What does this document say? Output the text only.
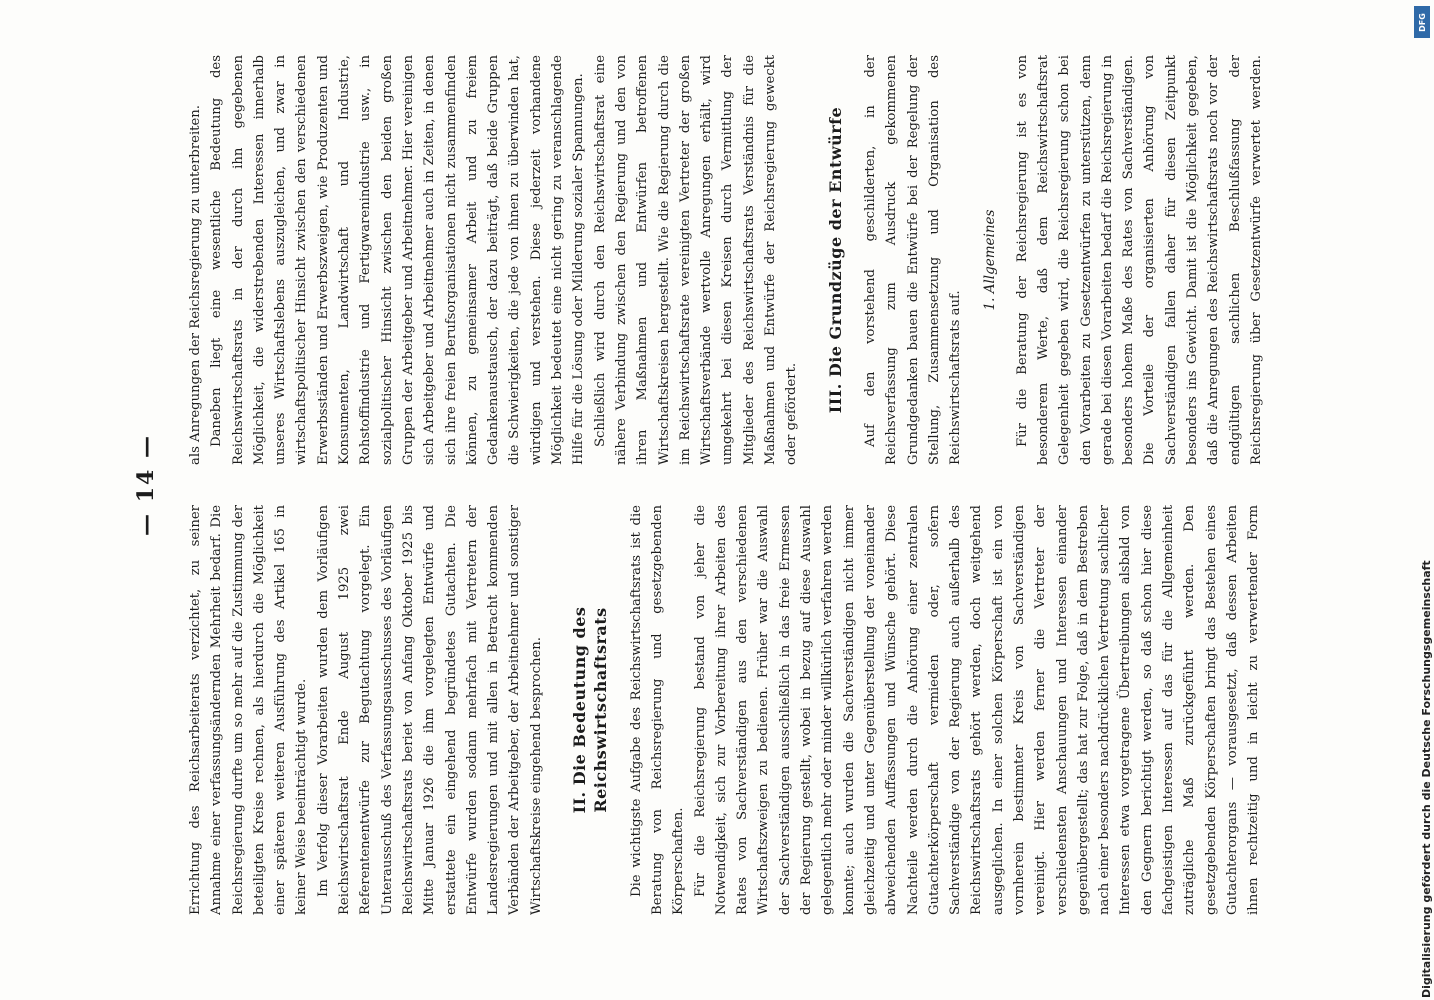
— 14 —

Errichtung des Reichsarbeiterats verzichtet, zu seiner Annahme einer verfassungsändernden Mehrheit bedarf. Die Reichsregierung durfte um so mehr auf die Zustimmung der beteiligten Kreise rechnen, als hierdurch die Möglichkeit einer späteren weiteren Ausführung des Artikel 165 in keiner Weise beeinträchtigt wurde. Im Verfolg dieser Vorarbeiten wurden dem Vorläufigen Reichswirtschaftsrat Ende August 1925 zwei Referentenentwürfe zur Begutachtung vorgelegt. Ein Unterausschuß des Verfassungsausschusses des Vorläufigen Reichswirtschaftsrats beriet von Anfang Oktober 1925 bis Mitte Januar 1926 die ihm vorgelegten Entwürfe und erstattete ein eingehend begründetes Gutachten. Die Entwürfe wurden sodann mehrfach mit Vertretern der Landesregierungen und mit allen in Betracht kommenden Verbänden der Arbeitgeber, der Arbeitnehmer und sonstiger Wirtschaftskreise eingehend besprochen. II. Die Bedeutung des Reichswirtschaftsrats Die wichtigste Aufgabe des Reichswirtschaftsrats ist die Beratung von Reichsregierung und gesetzgebenden Körperschaften. Für die Reichsregierung bestand von jeher die Notwendigkeit, sich zur Vorbereitung ihrer Arbeiten des Rates von Sachverständigen aus den verschiedenen Wirtschaftszweigen zu bedienen. Früher war die Auswahl der Sachverständigen ausschließlich in das freie Ermessen der Regierung gestellt, wobei in bezug auf diese Auswahl gelegentlich mehr oder minder willkürlich verfahren werden konnte; auch wurden die Sachverständigen nicht immer gleichzeitig und unter Gegenüberstellung der voneinander abweichenden Auffassungen und Wünsche gehört. Diese Nachteile werden durch die Anhörung einer zentralen Gutachterkörperschaft vermieden oder, sofern Sachverständige von der Regierung auch außerhalb des Reichswirtschaftsrats gehört werden, doch weitgehend ausgeglichen. In einer solchen Körperschaft ist ein von vornherein bestimmter Kreis von Sachverständigen vereinigt. Hier werden ferner die Vertreter der verschiedensten Anschauungen und Interessen einander gegenübergestellt; das hat zur Folge, daß in dem Bestreben nach einer besonders nachdrücklichen Vertretung sachlicher Interessen etwa vorgetragene Übertreibungen alsbald von den Gegnern berichtigt werden, so daß schon hier diese fachgeistigen Interessen auf das für die Allgemeinheit zuträgliche Maß zurückgeführt werden. Den gesetzgebenden Körperschaften bringt das Bestehen eines Gutachterorgans — vorausgesetzt, daß dessen Arbeiten ihnen rechtzeitig und in leicht zu verwertender Form

als Anregungen der Reichsregierung zu unterbreiten. Daneben liegt eine wesentliche Bedeutung des Reichswirtschaftsrats in der durch ihn gegebenen Möglichkeit, die widerstrebenden Interessen innerhalb unseres Wirtschaftslebens auszugleichen, und zwar in wirtschaftspolitischer Hinsicht zwischen den verschiedenen Erwerbsständen und Erwerbszweigen, wie Produzenten und Konsumenten, Landwirtschaft und Industrie, Rohstoffindustrie und Fertigwarenindustrie usw., in sozialpolitischer Hinsicht zwischen den beiden großen Gruppen der Arbeitgeber und Arbeitnehmer. Hier vereinigen sich Arbeitgeber und Arbeitnehmer auch in Zeiten, in denen sich ihre freien Berufsorganisationen nicht zusammenfinden können, zu gemeinsamer Arbeit und zu freiem Gedankenaustausch, der dazu beiträgt, daß beide Gruppen die Schwierigkeiten, die jede von ihnen zu überwinden hat, würdigen und verstehen. Diese jederzeit vorhandene Möglichkeit bedeutet eine nicht gering zu veranschlagende Hilfe für die Lösung oder Milderung sozialer Spannungen. Schließlich wird durch den Reichswirtschaftsrat eine nähere Verbindung zwischen den Regierung und den von ihren Maßnahmen und Entwürfen betroffenen Wirtschaftskreisen hergestellt. Wie die Regierung durch die im Reichswirtschaftsrate vereinigten Vertreter der großen Wirtschaftsverbände wertvolle Anregungen erhält, wird umgekehrt bei diesen Kreisen durch Vermittlung der Mitglieder des Reichswirtschaftsrats Verständnis für die Maßnahmen und Entwürfe der Reichsregierung geweckt oder gefördert.

III. Die Grundzüge der Entwürfe Auf den vorstehend geschilderten, in der Reichsverfassung zum Ausdruck gekommenen Grundgedanken bauen die Entwürfe bei der Regelung der Stellung, Zusammensetzung und Organisation des Reichswirtschaftsrats auf.

1. Allgemeines

Für die Beratung der Reichsregierung ist es von besonderem Werte, daß dem Reichswirtschaftsrat Gelegenheit gegeben wird, die Reichsregierung schon bei den Vorarbeiten zu Gesetzentwürfen zu unterstützen, denn gerade bei diesen Vorarbeiten bedarf die Reichsregierung in besonders hohem Maße des Rates von Sachverständigen. Die Vorteile der organisierten Anhörung von Sachverständigen fallen daher für diesen Zeitpunkt besonders ins Gewicht. Damit ist die Möglichkeit gegeben, daß die Anregungen des Reichswirtschaftsrats noch vor der endgültigen sachlichen Beschlußfassung der Reichsregierung über Gesetzentwürfe verwertet werden.

Digitalisierung gefördert durch die Deutsche Forschungsgemeinschaft
DFG
